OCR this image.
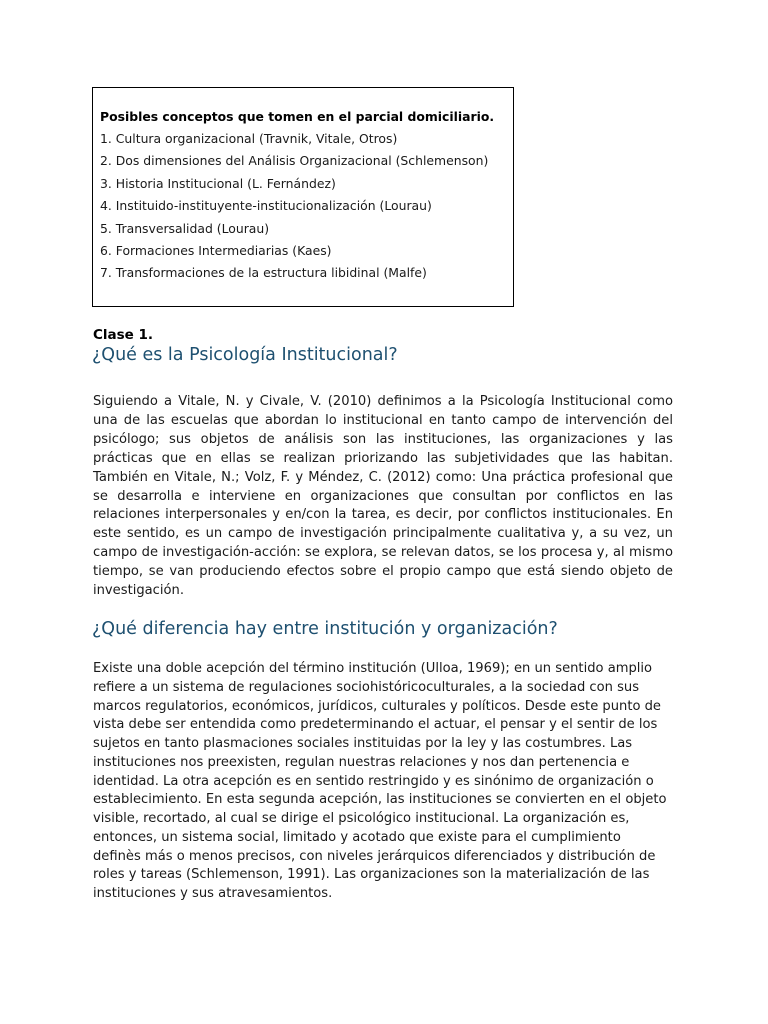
Posibles conceptos que tomen en el parcial domiciliario.
1. Cultura organizacional (Travnik, Vitale, Otros)
2. Dos dimensiones del Análisis Organizacional (Schlemenson)
3. Historia Institucional (L. Fernández)
4. Instituido-instituyente-institucionalización (Lourau)
5. Transversalidad (Lourau)
6. Formaciones Intermediarias (Kaes)
7. Transformaciones de la estructura libidinal (Malfe)
Clase 1.
¿Qué es la Psicología Institucional?

Siguiendo a Vitale, N. y Civale, V. (2010) definimos a la Psicología Institucional como una de las escuelas que abordan lo institucional en tanto campo de intervención del psicólogo; sus objetos de análisis son las instituciones, las organizaciones y las prácticas que en ellas se realizan priorizando las subjetividades que las habitan. También en Vitale, N.; Volz, F. y Méndez, C. (2012) como: Una práctica profesional que se desarrolla e interviene en organizaciones que consultan por conflictos en las relaciones interpersonales y en/con la tarea, es decir, por conflictos institucionales. En este sentido, es un campo de investigación principalmente cualitativa y, a su vez, un campo de investigación-acción: se explora, se relevan datos, se los procesa y, al mismo tiempo, se van produciendo efectos sobre el propio campo que está siendo objeto de investigación.

¿Qué diferencia hay entre institución y organización?

Existe una doble acepción del término institución (Ulloa, 1969); en un sentido amplio refiere a un sistema de regulaciones sociohistóricoculturales, a la sociedad con sus marcos regulatorios, económicos, jurídicos, culturales y políticos. Desde este punto de vista debe ser entendida como predeterminando el actuar, el pensar y el sentir de los sujetos en tanto plasmaciones sociales instituidas por la ley y las costumbres. Las instituciones nos preexisten, regulan nuestras relaciones y nos dan pertenencia e identidad. La otra acepción es en sentido restringido y es sinónimo de organización o establecimiento. En esta segunda acepción, las instituciones se convierten en el objeto visible, recortado, al cual se dirige el psicológico institucional. La organización es, entonces, un sistema social, limitado y acotado que existe para el cumplimiento definès más o menos precisos, con niveles jerárquicos diferenciados y distribución de roles y tareas (Schlemenson, 1991). Las organizaciones son la materialización de las instituciones y sus atravesamientos.
